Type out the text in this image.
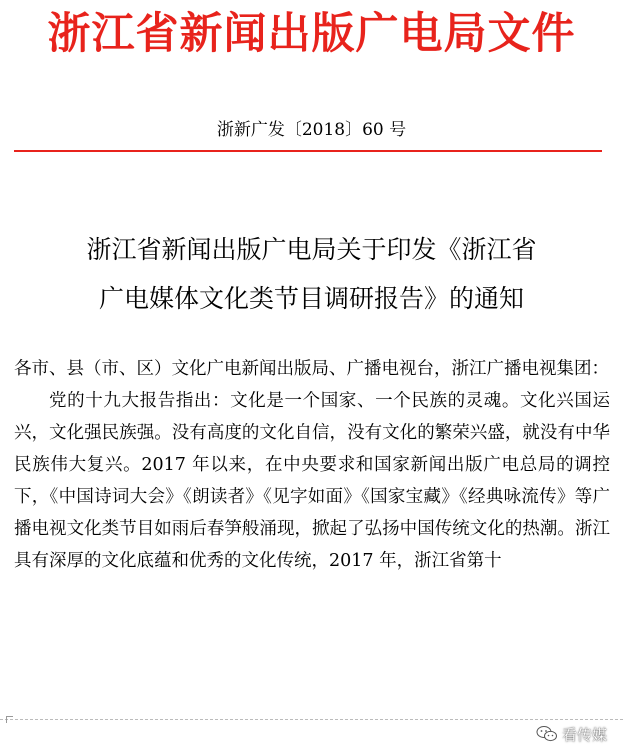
浙江省新闻出版广电局文件
浙新广发〔2018〕60 号
浙江省新闻出版广电局关于印发《浙江省
广电媒体文化类节目调研报告》的通知

各市、县（市、区）文化广电新闻出版局、广播电视台，浙江广播电视集团：

党的十九大报告指出：文化是一个国家、一个民族的灵魂。文化兴国运兴，文化强民族强。没有高度的文化自信，没有文化的繁荣兴盛，就没有中华民族伟大复兴。2017 年以来，在中央要求和国家新闻出版广电总局的调控下，《中国诗词大会》《朗读者》《见字如面》《国家宝藏》《经典咏流传》等广播电视文化类节目如雨后春笋般涌现，掀起了弘扬中国传统文化的热潮。浙江具有深厚的文化底蕴和优秀的文化传统，2017 年，浙江省第十

看传媒
